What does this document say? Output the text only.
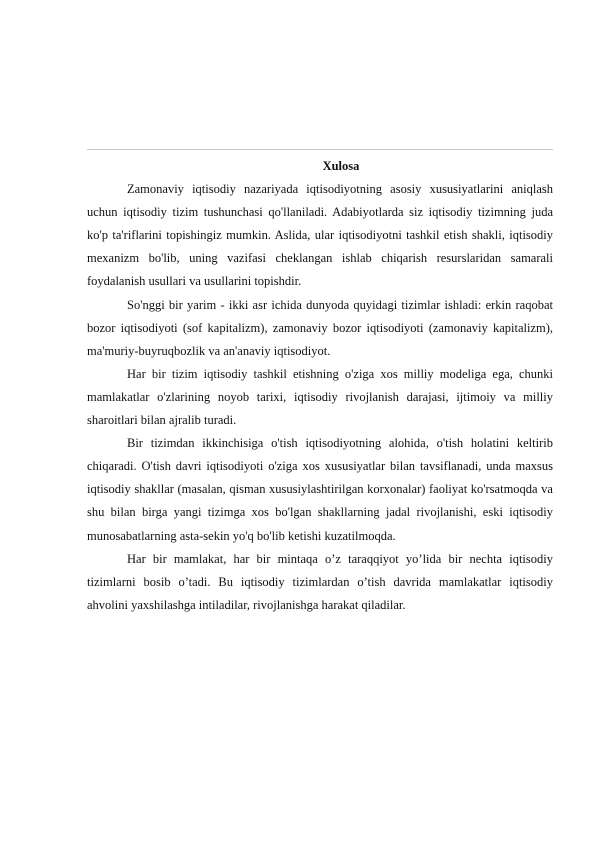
Xulosa

Zamonaviy iqtisodiy nazariyada iqtisodiyotning asosiy xususiyatlarini aniqlash uchun iqtisodiy tizim tushunchasi qo'llaniladi. Adabiyotlarda siz iqtisodiy tizimning juda ko'p ta'riflarini topishingiz mumkin. Aslida, ular iqtisodiyotni tashkil etish shakli, iqtisodiy mexanizm bo'lib, uning vazifasi cheklangan ishlab chiqarish resurslaridan samarali foydalanish usullari va usullarini topishdir.

So'nggi bir yarim - ikki asr ichida dunyoda quyidagi tizimlar ishladi: erkin raqobat bozor iqtisodiyoti (sof kapitalizm), zamonaviy bozor iqtisodiyoti (zamonaviy kapitalizm), ma'muriy-buyruqbozlik va an'anaviy iqtisodiyot.

Har bir tizim iqtisodiy tashkil etishning o'ziga xos milliy modeliga ega, chunki mamlakatlar o'zlarining noyob tarixi, iqtisodiy rivojlanish darajasi, ijtimoiy va milliy sharoitlari bilan ajralib turadi.

Bir tizimdan ikkinchisiga o'tish iqtisodiyotning alohida, o'tish holatini keltirib chiqaradi. O'tish davri iqtisodiyoti o'ziga xos xususiyatlar bilan tavsiflanadi, unda maxsus iqtisodiy shakllar (masalan, qisman xususiylashtirilgan korxonalar) faoliyat ko'rsatmoqda va shu bilan birga yangi tizimga xos bo'lgan shakllarning jadal rivojlanishi, eski iqtisodiy munosabatlarning asta-sekin yo'q bo'lib ketishi kuzatilmoqda.

Har bir mamlakat, har bir mintaqa o’z taraqqiyot yo’lida bir nechta iqtisodiy tizimlarni bosib o’tadi. Bu iqtisodiy tizimlardan o’tish davrida mamlakatlar iqtisodiy ahvolini yaxshilashga intiladilar, rivojlanishga harakat qiladilar.
